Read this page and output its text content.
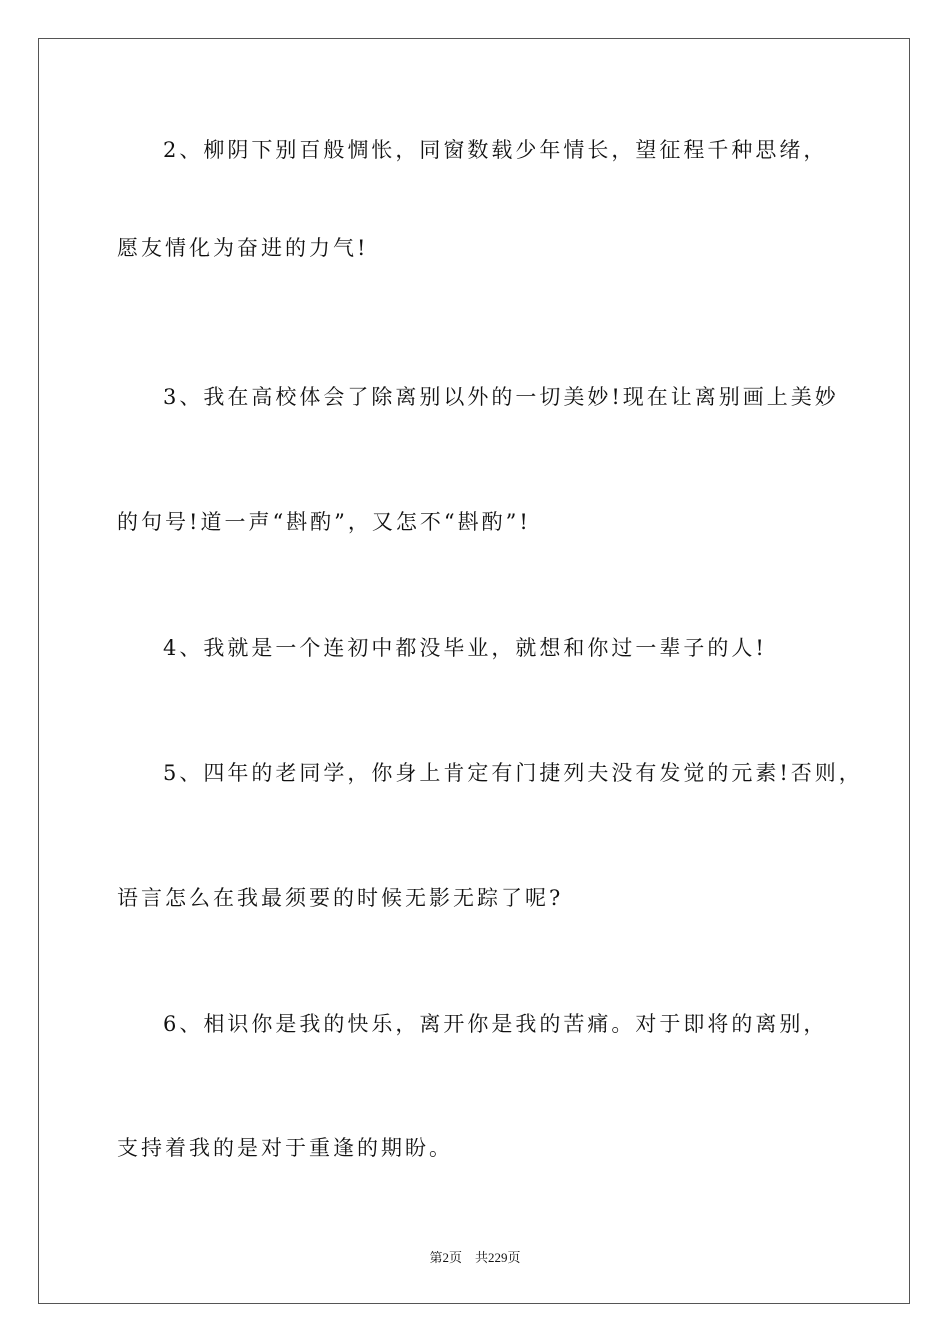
2、柳阴下别百般惆怅，同窗数载少年情长，望征程千种思绪，
愿友情化为奋进的力气!
3、我在高校体会了除离别以外的一切美妙!现在让离别画上美妙
的句号!道一声“斟酌”，又怎不“斟酌”!
4、我就是一个连初中都没毕业，就想和你过一辈子的人!
5、四年的老同学，你身上肯定有门捷列夫没有发觉的元素!否则，
语言怎么在我最须要的时候无影无踪了呢?
6、相识你是我的快乐，离开你是我的苦痛。对于即将的离别，
支持着我的是对于重逢的期盼。
第2页    共229页
